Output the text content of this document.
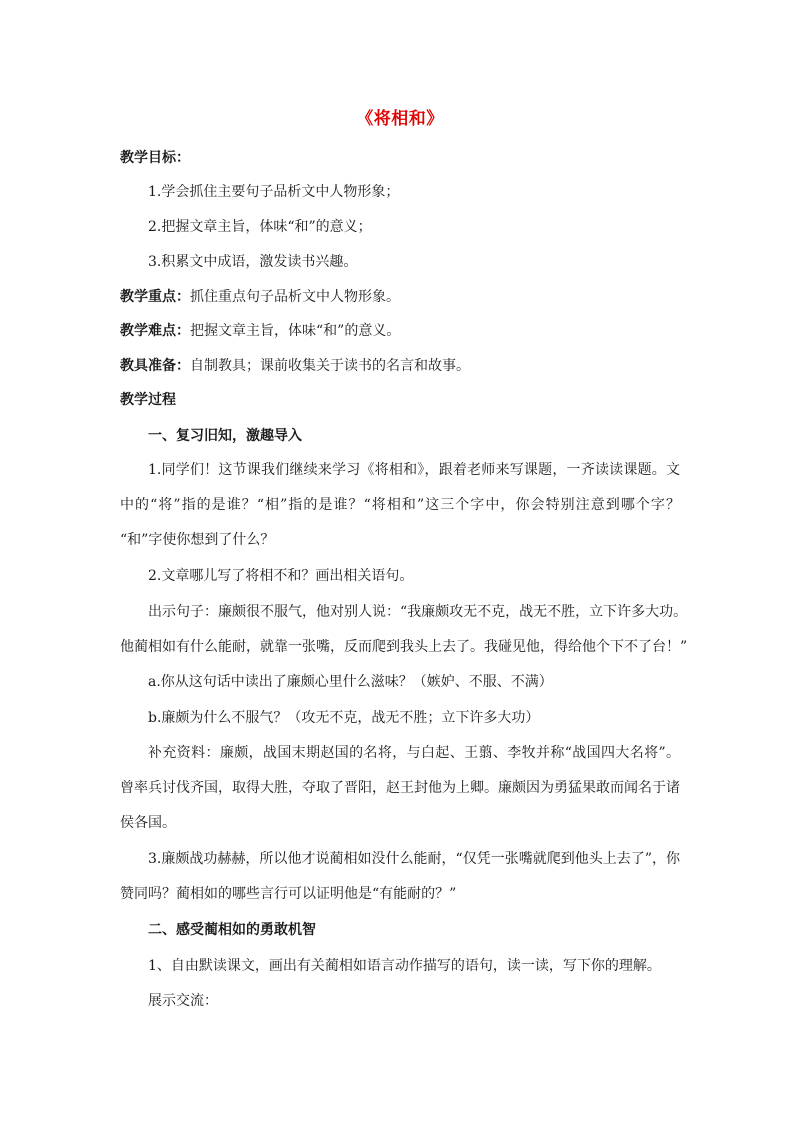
《将相和》
教学目标：
1.学会抓住主要句子品析文中人物形象；
2.把握文章主旨，体味“和”的意义；
3.积累文中成语，激发读书兴趣。
教学重点：抓住重点句子品析文中人物形象。
教学难点：把握文章主旨，体味“和”的意义。
教具准备：自制教具；课前收集关于读书的名言和故事。
教学过程
一、复习旧知，激趣导入
1.同学们！这节课我们继续来学习《将相和》，跟着老师来写课题，一齐读读课题。文
中的“将”指的是谁？“相”指的是谁？“将相和”这三个字中，你会特别注意到哪个字？
“和”字使你想到了什么？
2.文章哪儿写了将相不和？画出相关语句。
出示句子：廉颇很不服气，他对别人说：“我廉颇攻无不克，战无不胜，立下许多大功。
他蔺相如有什么能耐，就靠一张嘴，反而爬到我头上去了。我碰见他，得给他个下不了台！”
a.你从这句话中读出了廉颇心里什么滋味？（嫉妒、不服、不满）
b.廉颇为什么不服气？（攻无不克，战无不胜；立下许多大功）
补充资料：廉颇，战国末期赵国的名将，与白起、王翦、李牧并称“战国四大名将”。
曾率兵讨伐齐国，取得大胜，夺取了晋阳，赵王封他为上卿。廉颇因为勇猛果敢而闻名于诸
侯各国。
3.廉颇战功赫赫，所以他才说蔺相如没什么能耐，“仅凭一张嘴就爬到他头上去了”，你
赞同吗？蔺相如的哪些言行可以证明他是“有能耐的？”
二、感受蔺相如的勇敢机智
1、自由默读课文，画出有关蔺相如语言动作描写的语句，读一读，写下你的理解。
展示交流：
